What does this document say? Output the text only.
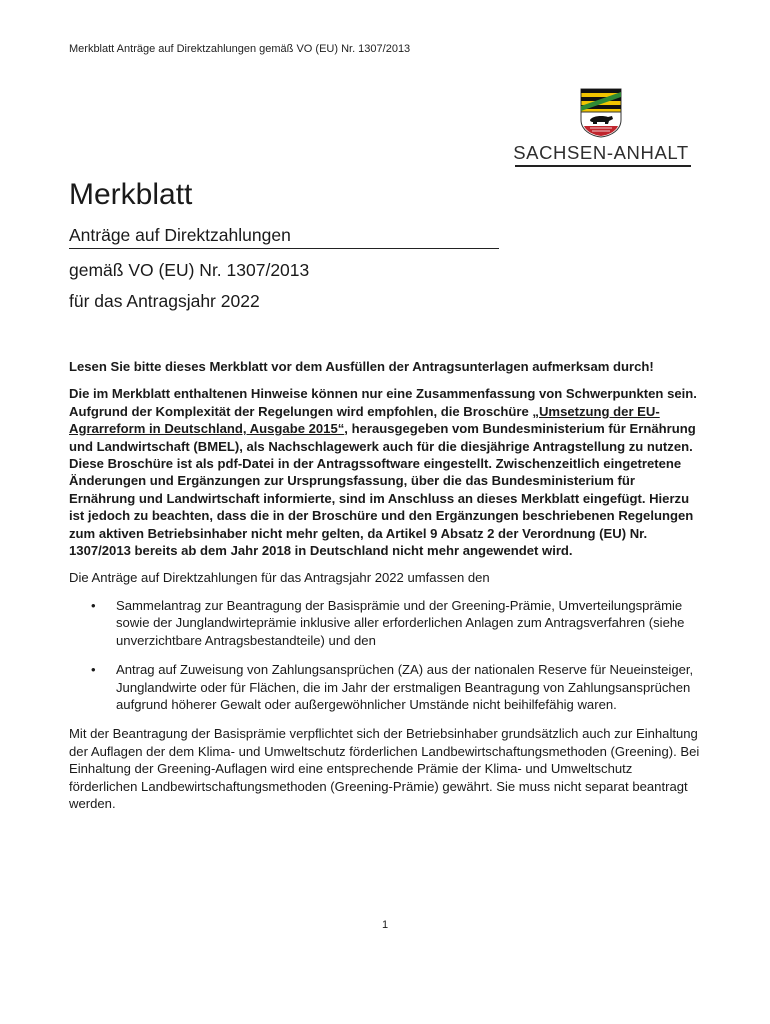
Merkblatt Anträge auf Direktzahlungen gemäß VO (EU) Nr. 1307/2013
SACHSEN-ANHALT
Merkblatt
Anträge auf Direktzahlungen
gemäß VO (EU) Nr. 1307/2013
für das Antragsjahr 2022

Lesen Sie bitte dieses Merkblatt vor dem Ausfüllen der Antragsunterlagen aufmerksam durch!

Die im Merkblatt enthaltenen Hinweise können nur eine Zusammenfassung von Schwerpunkten sein. Aufgrund der Komplexität der Regelungen wird empfohlen, die Broschüre „Umsetzung der EU-Agrarreform in Deutschland, Ausgabe 2015“, herausgegeben vom Bundesministerium für Ernährung und Landwirtschaft (BMEL), als Nachschlagewerk auch für die diesjährige Antragstellung zu nutzen. Diese Broschüre ist als pdf-Datei in der Antragssoftware eingestellt. Zwischenzeitlich eingetretene Änderungen und Ergänzungen zur Ursprungsfassung, über die das Bundesministerium für Ernährung und Landwirtschaft informierte, sind im Anschluss an dieses Merkblatt eingefügt. Hierzu ist jedoch zu beachten, dass die in der Broschüre und den Ergänzungen beschriebenen Regelungen zum aktiven Betriebsinhaber nicht mehr gelten, da Artikel 9 Absatz 2 der Verordnung (EU) Nr. 1307/2013 bereits ab dem Jahr 2018 in Deutschland nicht mehr angewendet wird.

Die Anträge auf Direktzahlungen für das Antragsjahr 2022 umfassen den

• Sammelantrag zur Beantragung der Basisprämie und der Greening-Prämie, Umverteilungsprämie sowie der Junglandwirteprämie inklusive aller erforderlichen Anlagen zum Antragsverfahren (siehe unverzichtbare Antragsbestandteile) und den
• Antrag auf Zuweisung von Zahlungsansprüchen (ZA) aus der nationalen Reserve für Neueinsteiger, Junglandwirte oder für Flächen, die im Jahr der erstmaligen Beantragung von Zahlungsansprüchen aufgrund höherer Gewalt oder außergewöhnlicher Umstände nicht beihilfefähig waren.

Mit der Beantragung der Basisprämie verpflichtet sich der Betriebsinhaber grundsätzlich auch zur Einhaltung der Auflagen der dem Klima- und Umweltschutz förderlichen Landbewirtschaftungsmethoden (Greening). Bei Einhaltung der Greening-Auflagen wird eine entsprechende Prämie der Klima- und Umweltschutz förderlichen Landbewirtschaftungsmethoden (Greening-Prämie) gewährt. Sie muss nicht separat beantragt werden.

1
